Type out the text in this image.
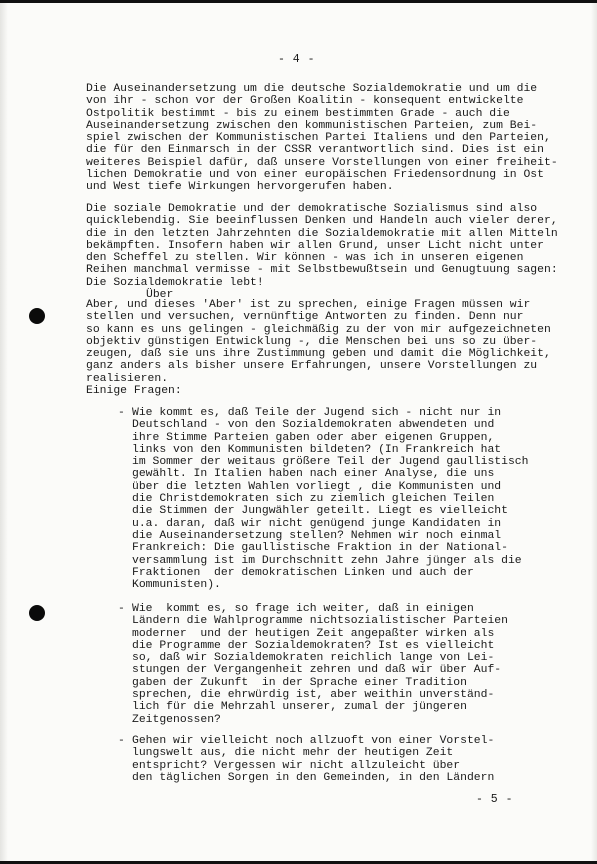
- 4 -
Die Auseinandersetzung um die deutsche Sozialdemokratie und um die
von ihr - schon vor der Großen Koalitin - konsequent entwickelte
Ostpolitik bestimmt - bis zu einem bestimmten Grade - auch die
Auseinandersetzung zwischen den kommunistischen Parteien, zum Bei-
spiel zwischen der Kommunistischen Partei Italiens und den Parteien,
die für den Einmarsch in der CSSR verantwortlich sind. Dies ist ein
weiteres Beispiel dafür, daß unsere Vorstellungen von einer freiheit-
lichen Demokratie und von einer europäischen Friedensordnung in Ost
und West tiefe Wirkungen hervorgerufen haben.
Die soziale Demokratie und der demokratische Sozialismus sind also
quicklebendig. Sie beeinflussen Denken und Handeln auch vieler derer,
die in den letzten Jahrzehnten die Sozialdemokratie mit allen Mitteln
bekämpften. Insofern haben wir allen Grund, unser Licht nicht unter
den Scheffel zu stellen. Wir können - was ich in unseren eigenen
Reihen manchmal vermisse - mit Selbstbewußtsein und Genugtuung sagen:
Die Sozialdemokratie lebt!
Über
Aber, und dieses 'Aber' ist zu sprechen, einige Fragen müssen wir
stellen und versuchen, vernünftige Antworten zu finden. Denn nur
so kann es uns gelingen - gleichmäßig zu der von mir aufgezeichneten
objektiv günstigen Entwicklung -, die Menschen bei uns so zu über-
zeugen, daß sie uns ihre Zustimmung geben und damit die Möglichkeit,
ganz anders als bisher unsere Erfahrungen, unsere Vorstellungen zu
realisieren.
Einige Fragen:
- Wie kommt es, daß Teile der Jugend sich - nicht nur in
Deutschland - von den Sozialdemokraten abwendeten und
ihre Stimme Parteien gaben oder aber eigenen Gruppen,
links von den Kommunisten bildeten? (In Frankreich hat
im Sommer der weitaus größere Teil der Jugend gaullistisch
gewählt. In Italien haben nach einer Analyse, die uns
über die letzten Wahlen vorliegt , die Kommunisten und
die Christdemokraten sich zu ziemlich gleichen Teilen
die Stimmen der Jungwähler geteilt. Liegt es vielleicht
u.a. daran, daß wir nicht genügend junge Kandidaten in
die Auseinandersetzung stellen? Nehmen wir noch einmal
Frankreich: Die gaullistische Fraktion in der National-
versammlung ist im Durchschnitt zehn Jahre jünger als die
Fraktionen  der demokratischen Linken und auch der
Kommunisten).
- Wie  kommt es, so frage ich weiter, daß in einigen
Ländern die Wahlprogramme nichtsozialistischer Parteien
moderner  und der heutigen Zeit angepaßter wirken als
die Programme der Sozialdemokraten? Ist es vielleicht
so, daß wir Sozialdemokraten reichlich lange von Lei-
stungen der Vergangenheit zehren und daß wir über Auf-
gaben der Zukunft  in der Sprache einer Tradition
sprechen, die ehrwürdig ist, aber weithin unverständ-
lich für die Mehrzahl unserer, zumal der jüngeren
Zeitgenossen?
- Gehen wir vielleicht noch allzuoft von einer Vorstel-
lungswelt aus, die nicht mehr der heutigen Zeit
entspricht? Vergessen wir nicht allzuleicht über
den täglichen Sorgen in den Gemeinden, in den Ländern
- 5 -
